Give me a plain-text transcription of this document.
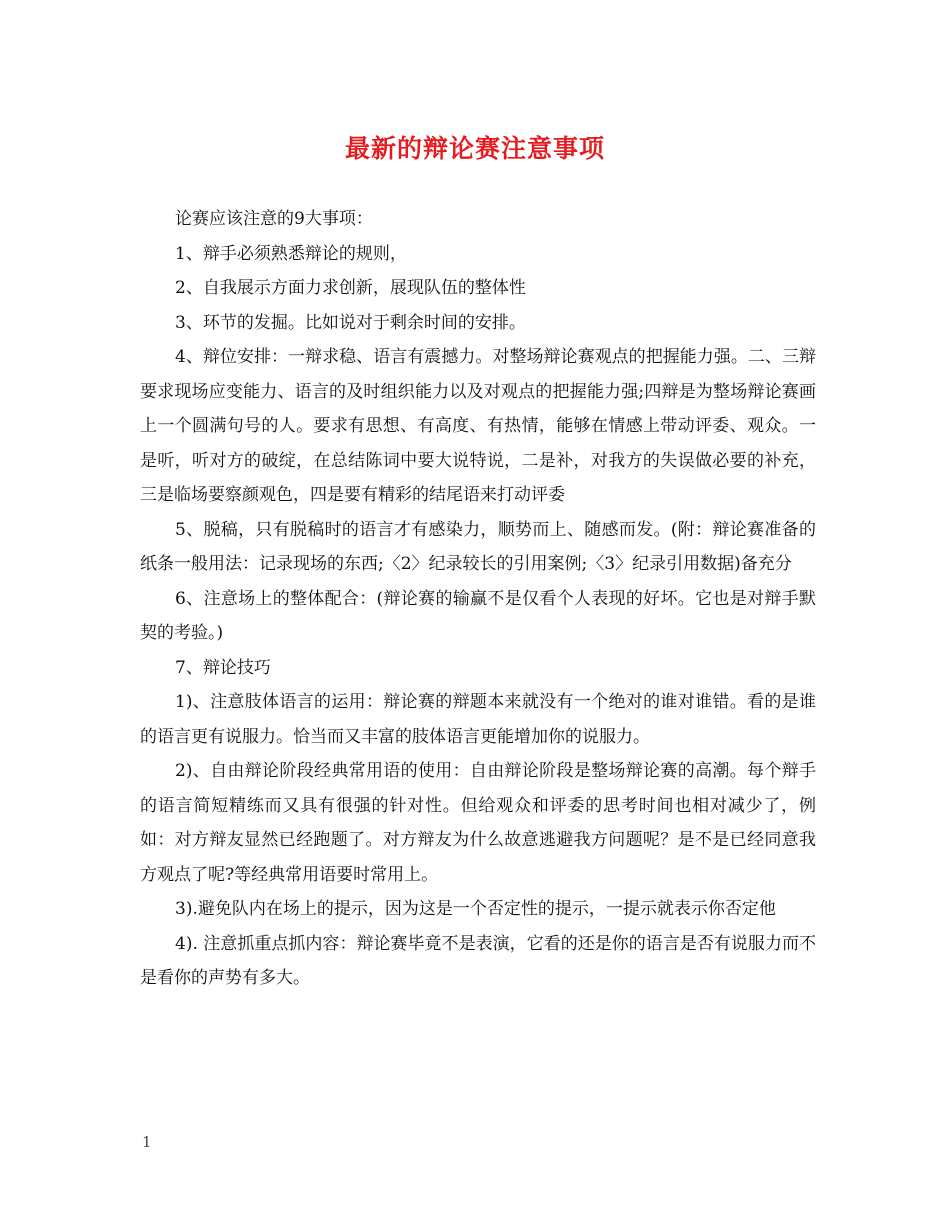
最新的辩论赛注意事项

论赛应该注意的9大事项：

1、辩手必须熟悉辩论的规则，

2、自我展示方面力求创新，展现队伍的整体性

3、环节的发掘。比如说对于剩余时间的安排。

4、辩位安排：一辩求稳、语言有震撼力。对整场辩论赛观点的把握能力强。二、三辩要求现场应变能力、语言的及时组织能力以及对观点的把握能力强;四辩是为整场辩论赛画上一个圆满句号的人。要求有思想、有高度、有热情，能够在情感上带动评委、观众。一是听，听对方的破绽，在总结陈词中要大说特说，二是补，对我方的失误做必要的补充，三是临场要察颜观色，四是要有精彩的结尾语来打动评委

5、脱稿，只有脱稿时的语言才有感染力，顺势而上、随感而发。(附：辩论赛准备的纸条一般用法：记录现场的东西;〈2〉纪录较长的引用案例;〈3〉纪录引用数据)备充分

6、注意场上的整体配合：(辩论赛的输赢不是仅看个人表现的好坏。它也是对辩手默契的考验。)

7、辩论技巧

1)、注意肢体语言的运用：辩论赛的辩题本来就没有一个绝对的谁对谁错。看的是谁的语言更有说服力。恰当而又丰富的肢体语言更能增加你的说服力。

2)、自由辩论阶段经典常用语的使用：自由辩论阶段是整场辩论赛的高潮。每个辩手的语言简短精练而又具有很强的针对性。但给观众和评委的思考时间也相对减少了，例如：对方辩友显然已经跑题了。对方辩友为什么故意逃避我方问题呢？是不是已经同意我方观点了呢?等经典常用语要时常用上。

3).避免队内在场上的提示，因为这是一个否定性的提示，一提示就表示你否定他

4). 注意抓重点抓内容：辩论赛毕竟不是表演，它看的还是你的语言是否有说服力而不是看你的声势有多大。

1
